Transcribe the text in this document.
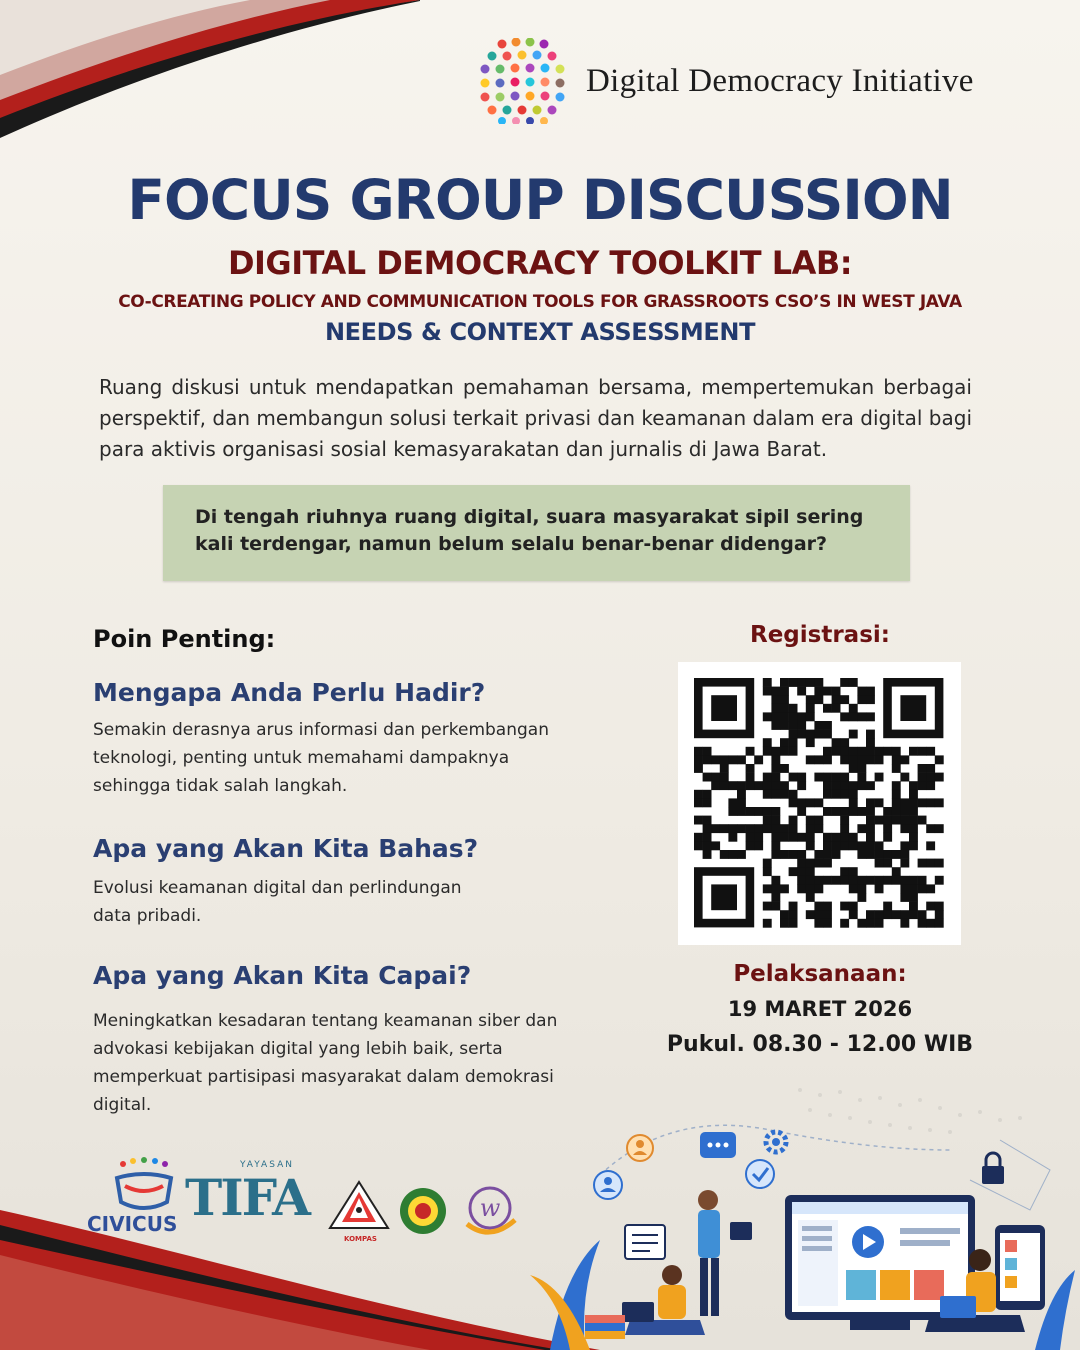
Digital Democracy Initiative
FOCUS GROUP DISCUSSION
DIGITAL DEMOCRACY TOOLKIT LAB:
CO-CREATING POLICY AND COMMUNICATION TOOLS FOR GRASSROOTS CSO’S IN WEST JAVA
NEEDS & CONTEXT ASSESSMENT
Ruang diskusi untuk mendapatkan pemahaman bersama, mempertemukan berbagai perspektif, dan membangun solusi terkait privasi dan keamanan dalam era digital bagi para aktivis organisasi sosial kemasyarakatan dan jurnalis di Jawa Barat.
Di tengah riuhnya ruang digital, suara masyarakat sipil sering kali terdengar, namun belum selalu benar-benar didengar?
Poin Penting:
Mengapa Anda Perlu Hadir?
Semakin derasnya arus informasi dan perkembangan
teknologi, penting untuk memahami dampaknya
sehingga tidak salah langkah.
Apa yang Akan Kita Bahas?
Evolusi keamanan digital dan perlindungan
data pribadi.
Apa yang Akan Kita Capai?
Meningkatkan kesadaran tentang keamanan siber dan
advokasi kebijakan digital yang lebih baik, serta
memperkuat partisipasi masyarakat dalam demokrasi
digital.
Registrasi:
Pelaksanaan:
19 MARET 2026
Pukul. 08.30 - 12.00 WIB
CIVICUS
YAYASAN
TIFA
KOMPAS
w
